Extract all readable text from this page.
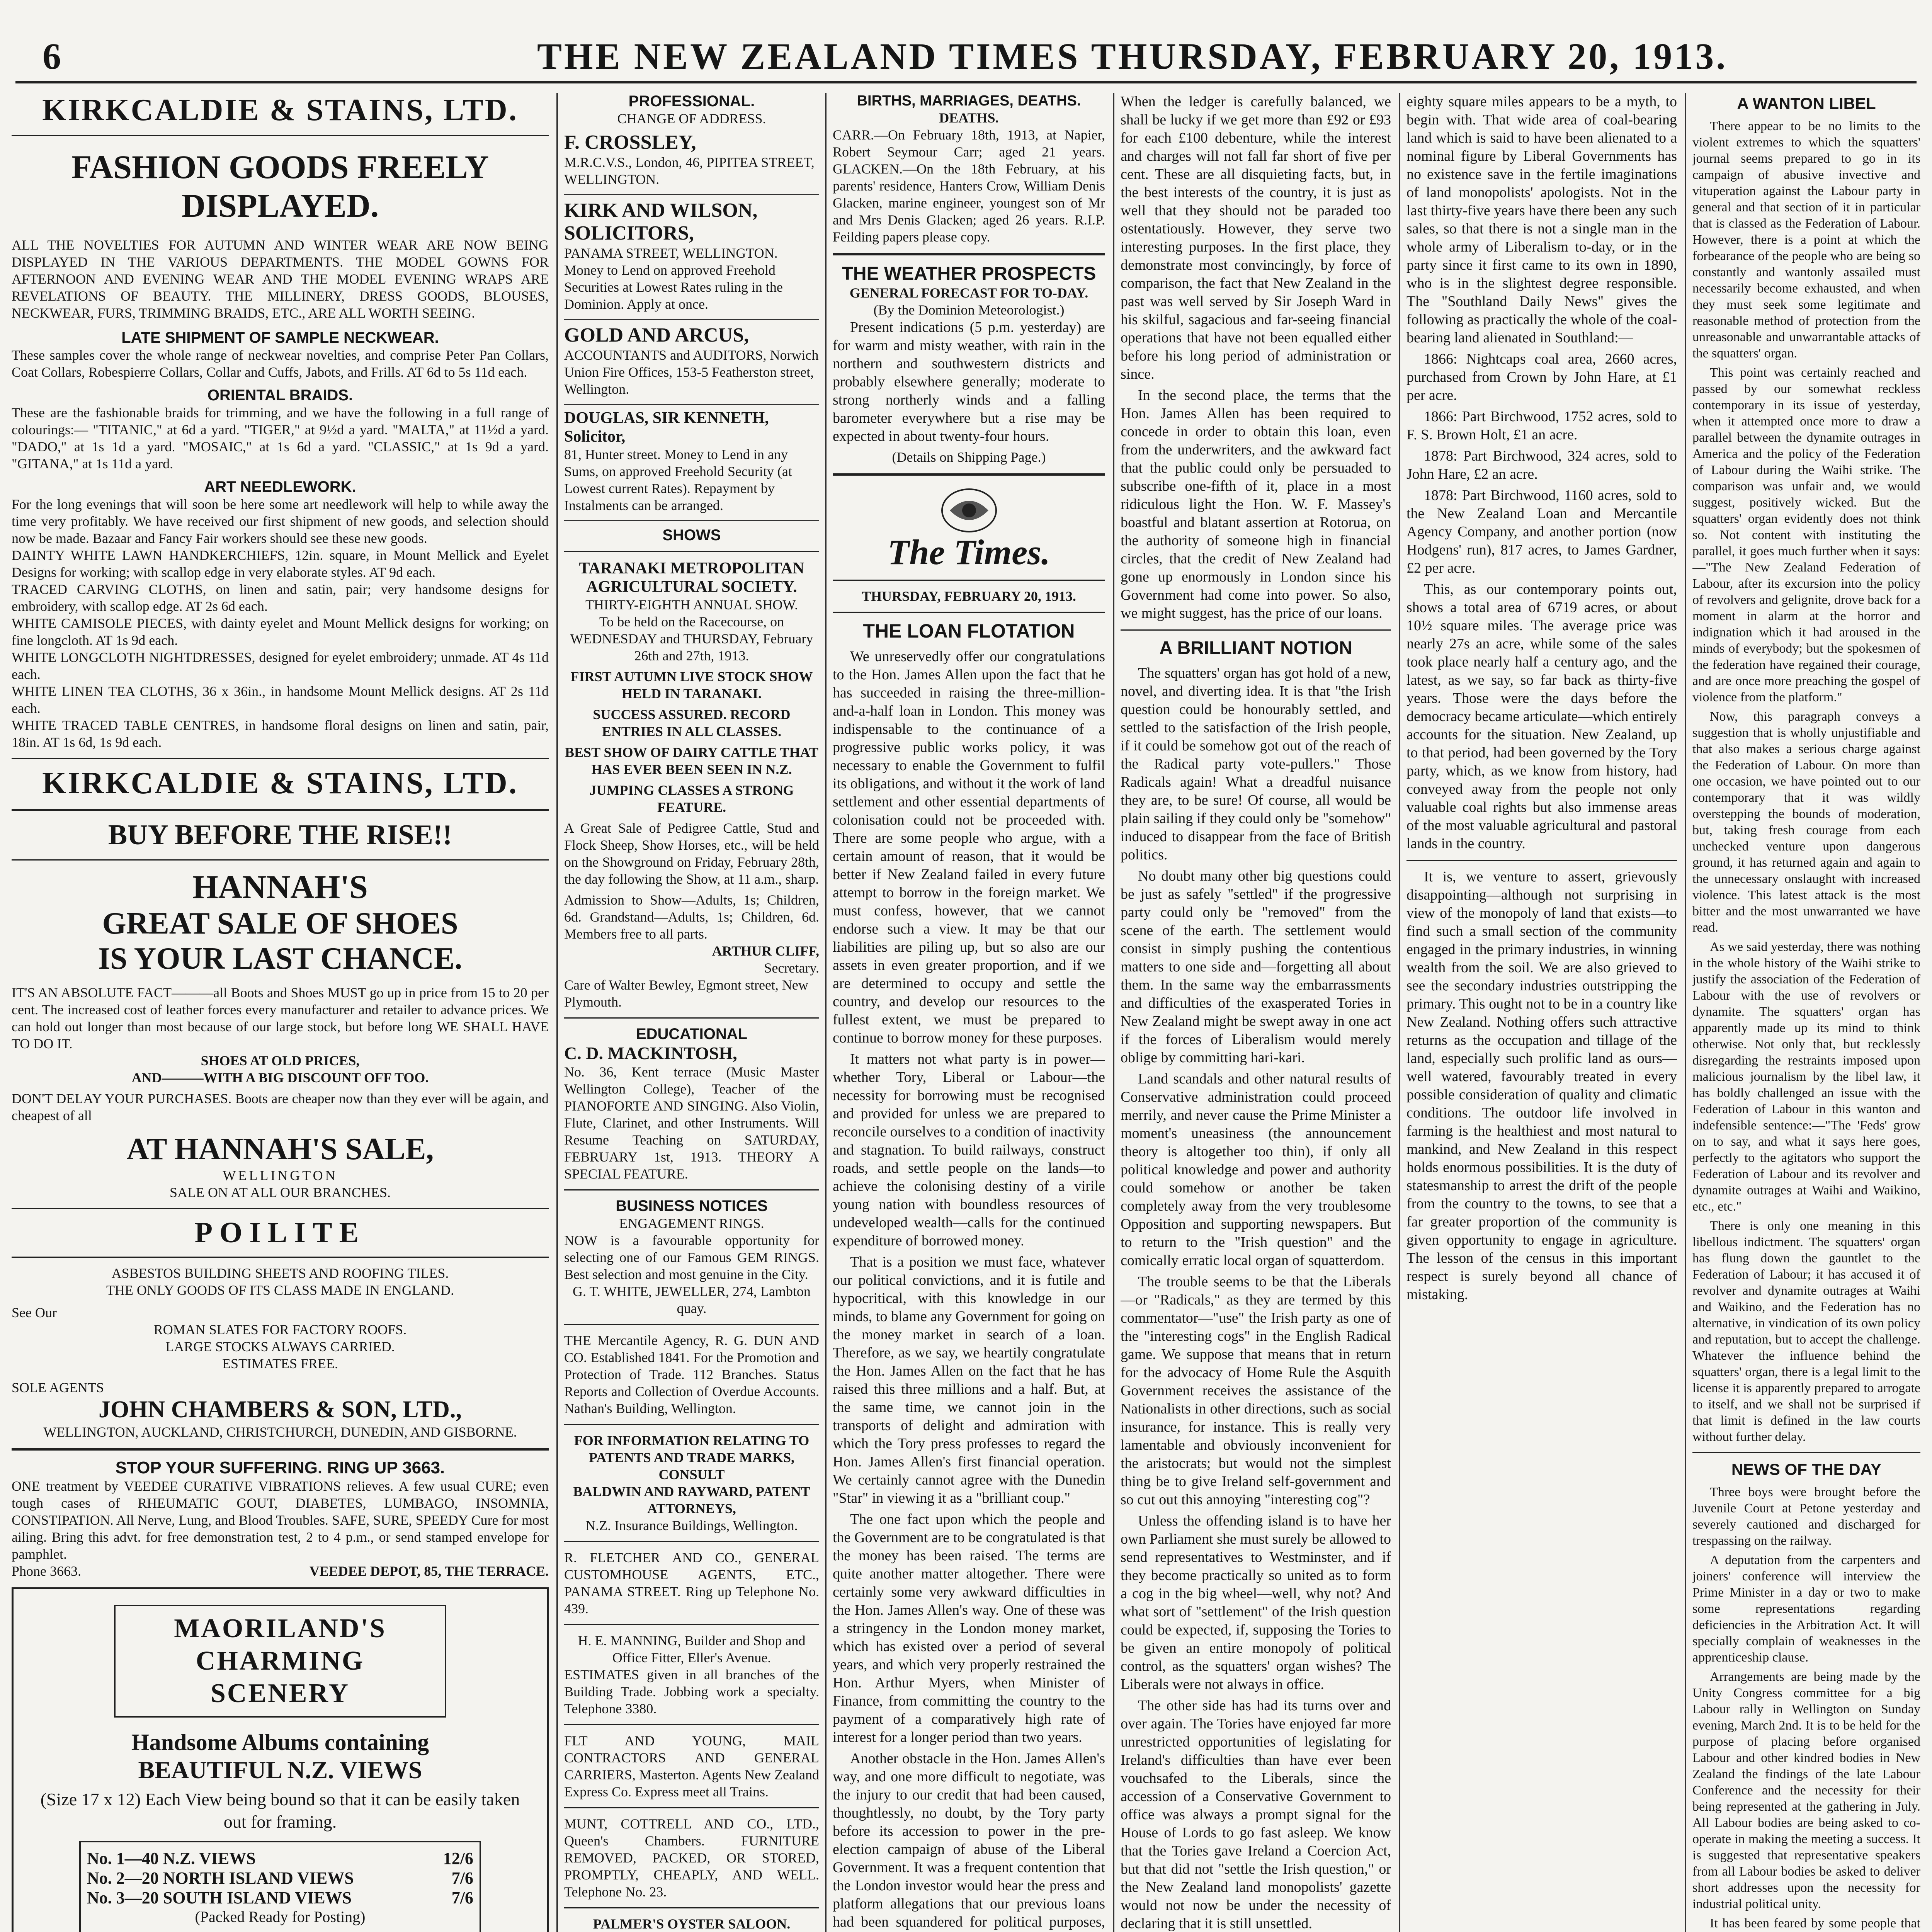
6	THE NEW ZEALAND TIMES THURSDAY, FEBRUARY 20, 1913.

KIRKCALDIE & STAINS, LTD.

FASHION GOODS FREELY DISPLAYED.

ALL THE NOVELTIES FOR AUTUMN AND WINTER WEAR ARE NOW BEING DISPLAYED IN THE VARIOUS DEPARTMENTS. THE MODEL GOWNS FOR AFTERNOON AND EVENING WEAR AND THE MODEL EVENING WRAPS ARE REVELATIONS OF BEAUTY. THE MILLINERY, DRESS GOODS, BLOUSES, NECKWEAR, FURS, TRIMMING BRAIDS, ETC., ARE ALL WORTH SEEING.

LATE SHIPMENT OF SAMPLE NECKWEAR.

These samples cover the whole range of neckwear novelties, and comprise Peter Pan Collars, Coat Collars, Robespierre Collars, Collar and Cuffs, Jabots, and Frills. AT 6d to 5s 11d each.

ORIENTAL BRAIDS.

These are the fashionable braids for trimming, and we have the following in a full range of colourings:— "TITANIC," at 6d a yard. "TIGER," at 9½d a yard. "MALTA," at 11½d a yard. "DADO," at 1s 1d a yard. "MOSAIC," at 1s 6d a yard. "CLASSIC," at 1s 9d a yard. "GITANA," at 1s 11d a yard.

ART NEEDLEWORK.

For the long evenings that will soon be here some art needlework will help to while away the time very profitably. We have received our first shipment of new goods, and selection should now be made. Bazaar and Fancy Fair workers should see these new goods.

DAINTY WHITE LAWN HANDKERCHIEFS, 12in. square, in Mount Mellick and Eyelet Designs for working; with scallop edge in very elaborate styles. AT 9d each.

TRACED CARVING CLOTHS, on linen and satin, pair; very handsome designs for embroidery, with scallop edge. AT 2s 6d each.

WHITE CAMISOLE PIECES, with dainty eyelet and Mount Mellick designs for working; on fine longcloth. AT 1s 9d each.

WHITE LONGCLOTH NIGHTDRESSES, designed for eyelet embroidery; unmade. AT 4s 11d each.

WHITE LINEN TEA CLOTHS, 36 x 36in., in handsome Mount Mellick designs. AT 2s 11d each.

WHITE TRACED TABLE CENTRES, in handsome floral designs on linen and satin, pair, 18in. AT 1s 6d, 1s 9d each.

KIRKCALDIE & STAINS, LTD.

BUY BEFORE THE RISE!!

HANNAH'S

GREAT SALE OF SHOES

IS YOUR LAST CHANCE.

IT'S AN ABSOLUTE FACT———all Boots and Shoes MUST go up in price from 15 to 20 per cent. The increased cost of leather forces every manufacturer and retailer to advance prices. We can hold out longer than most because of our large stock, but before long WE SHALL HAVE TO DO IT.

SHOES AT OLD PRICES,

AND———WITH A BIG DISCOUNT OFF TOO.

DON'T DELAY YOUR PURCHASES. Boots are cheaper now than they ever will be again, and cheapest of all

AT HANNAH'S SALE,

WELLINGTON

SALE ON AT ALL OUR BRANCHES.

POILITE

ASBESTOS BUILDING SHEETS AND ROOFING TILES.

THE ONLY GOODS OF ITS CLASS MADE IN ENGLAND.

See Our

ROMAN SLATES FOR FACTORY ROOFS.

LARGE STOCKS ALWAYS CARRIED.

ESTIMATES FREE.

SOLE AGENTS

JOHN CHAMBERS & SON, LTD.,

WELLINGTON, AUCKLAND, CHRISTCHURCH, DUNEDIN, AND GISBORNE.

STOP YOUR SUFFERING. RING UP 3663.

ONE treatment by VEEDEE CURATIVE VIBRATIONS relieves. A few usual CURE; even tough cases of RHEUMATIC GOUT, DIABETES, LUMBAGO, INSOMNIA, CONSTIPATION. All Nerve, Lung, and Blood Troubles. SAFE, SURE, SPEEDY Cure for most ailing. Bring this advt. for free demonstration test, 2 to 4 p.m., or send stamped envelope for pamphlet.

Phone 3663.	VEEDEE DEPOT, 85, THE TERRACE.

MAORILAND'S

CHARMING

SCENERY

Handsome Albums containing

BEAUTIFUL N.Z. VIEWS

(Size 17 x 12) Each View being bound so that it can be easily taken out for framing.

No. 1—40 N.Z. VIEWS	12/6
No. 2—20 NORTH ISLAND VIEWS	7/6
No. 3—20 SOUTH ISLAND VIEWS	7/6

(Packed Ready for Posting)

PROFESSIONAL.

CHANGE OF ADDRESS.

F. CROSSLEY,

M.R.C.V.S., London, 46, PIPITEA STREET, WELLINGTON.

KIRK AND WILSON, SOLICITORS,

PANAMA STREET, WELLINGTON. Money to Lend on approved Freehold Securities at Lowest Rates ruling in the Dominion. Apply at once.

GOLD AND ARCUS,

ACCOUNTANTS and AUDITORS, Norwich Union Fire Offices, 153-5 Featherston street, Wellington.

DOUGLAS, SIR KENNETH, Solicitor,

81, Hunter street. Money to Lend in any Sums, on approved Freehold Security (at Lowest current Rates). Repayment by Instalments can be arranged.

SHOWS

TARANAKI METROPOLITAN AGRICULTURAL SOCIETY.

THIRTY-EIGHTH ANNUAL SHOW.

To be held on the Racecourse, on WEDNESDAY and THURSDAY, February 26th and 27th, 1913.

FIRST AUTUMN LIVE STOCK SHOW HELD IN TARANAKI.

SUCCESS ASSURED. RECORD ENTRIES IN ALL CLASSES.

BEST SHOW OF DAIRY CATTLE THAT HAS EVER BEEN SEEN IN N.Z.

JUMPING CLASSES A STRONG FEATURE.

A Great Sale of Pedigree Cattle, Stud and Flock Sheep, Show Horses, etc., will be held on the Showground on Friday, February 28th, the day following the Show, at 11 a.m., sharp.

Admission to Show—Adults, 1s; Children, 6d. Grandstand—Adults, 1s; Children, 6d. Members free to all parts.

ARTHUR CLIFF,

Secretary.

Care of Walter Bewley, Egmont street, New Plymouth.

EDUCATIONAL

C. D. MACKINTOSH,

No. 36, Kent terrace (Music Master Wellington College), Teacher of the PIANOFORTE AND SINGING. Also Violin, Flute, Clarinet, and other Instruments. Will Resume Teaching on SATURDAY, FEBRUARY 1st, 1913. THEORY A SPECIAL FEATURE.

BUSINESS NOTICES

ENGAGEMENT RINGS.

NOW is a favourable opportunity for selecting one of our Famous GEM RINGS. Best selection and most genuine in the City.

G. T. WHITE, JEWELLER, 274, Lambton quay.

THE Mercantile Agency, R. G. DUN AND CO. Established 1841. For the Promotion and Protection of Trade. 112 Branches. Status Reports and Collection of Overdue Accounts. Nathan's Building, Wellington.

FOR INFORMATION RELATING TO PATENTS AND TRADE MARKS, CONSULT

BALDWIN AND RAYWARD, PATENT ATTORNEYS,

N.Z. Insurance Buildings, Wellington.

R. FLETCHER AND CO., GENERAL CUSTOMHOUSE AGENTS, ETC., PANAMA STREET. Ring up Telephone No. 439.

H. E. MANNING, Builder and Shop and Office Fitter, Eller's Avenue.

ESTIMATES given in all branches of the Building Trade. Jobbing work a specialty. Telephone 3380.

FLT AND YOUNG, MAIL CONTRACTORS AND GENERAL CARRIERS, Masterton. Agents New Zealand Express Co. Express meet all Trains.

MUNT, COTTRELL AND CO., LTD., Queen's Chambers. FURNITURE REMOVED, PACKED, OR STORED, PROMPTLY, CHEAPLY, AND WELL. Telephone No. 23.

PALMER'S OYSTER SALOON.

BIRTHS, MARRIAGES, DEATHS.

DEATHS.

CARR.—On February 18th, 1913, at Napier, Robert Seymour Carr; aged 21 years. GLACKEN.—On the 18th February, at his parents' residence, Hanters Crow, William Denis Glacken, marine engineer, youngest son of Mr and Mrs Denis Glacken; aged 26 years. R.I.P. Feilding papers please copy.

THE WEATHER PROSPECTS

GENERAL FORECAST FOR TO-DAY.

(By the Dominion Meteorologist.)

Present indications (5 p.m. yesterday) are for warm and misty weather, with rain in the northern and southwestern districts and probably elsewhere generally; moderate to strong northerly winds and a falling barometer everywhere but a rise may be expected in about twenty-four hours.

(Details on Shipping Page.)

The Times.

THURSDAY, FEBRUARY 20, 1913.

THE LOAN FLOTATION

We unreservedly offer our congratulations to the Hon. James Allen upon the fact that he has succeeded in raising the three-million-and-a-half loan in London. This money was indispensable to the continuance of a progressive public works policy, it was necessary to enable the Government to fulfil its obligations, and without it the work of land settlement and other essential departments of colonisation could not be proceeded with. There are some people who argue, with a certain amount of reason, that it would be better if New Zealand failed in every future attempt to borrow in the foreign market. We must confess, however, that we cannot endorse such a view. It may be that our liabilities are piling up, but so also are our assets in even greater proportion, and if we are determined to occupy and settle the country, and develop our resources to the fullest extent, we must be prepared to continue to borrow money for these purposes.

It matters not what party is in power—whether Tory, Liberal or Labour—the necessity for borrowing must be recognised and provided for unless we are prepared to reconcile ourselves to a condition of inactivity and stagnation. To build railways, construct roads, and settle people on the lands—to achieve the colonising destiny of a virile young nation with boundless resources of undeveloped wealth—calls for the continued expenditure of borrowed money.

That is a position we must face, whatever our political convictions, and it is futile and hypocritical, with this knowledge in our minds, to blame any Government for going on the money market in search of a loan. Therefore, as we say, we heartily congratulate the Hon. James Allen on the fact that he has raised this three millions and a half. But, at the same time, we cannot join in the transports of delight and admiration with which the Tory press professes to regard the Hon. James Allen's first financial operation. We certainly cannot agree with the Dunedin "Star" in viewing it as a "brilliant coup."

The one fact upon which the people and the Government are to be congratulated is that the money has been raised. The terms are quite another matter altogether. There were certainly some very awkward difficulties in the Hon. James Allen's way. One of these was a stringency in the London money market, which has existed over a period of several years, and which very properly restrained the Hon. Arthur Myers, when Minister of Finance, from committing the country to the payment of a comparatively high rate of interest for a longer period than two years.

Another obstacle in the Hon. James Allen's way, and one more difficult to negotiate, was the injury to our credit that had been caused, thoughtlessly, no doubt, by the Tory party before its accession to power in the pre-election campaign of abuse of the Liberal Government. It was a frequent contention that the London investor would hear the press and platform allegations that our previous loans had been squandered for political purposes,

When the ledger is carefully balanced, we shall be lucky if we get more than £92 or £93 for each £100 debenture, while the interest and charges will not fall far short of five per cent. These are all disquieting facts, but, in the best interests of the country, it is just as well that they should not be paraded too ostentatiously. However, they serve two interesting purposes. In the first place, they demonstrate most convincingly, by force of comparison, the fact that New Zealand in the past was well served by Sir Joseph Ward in his skilful, sagacious and far-seeing financial operations that have not been equalled either before his long period of administration or since.

In the second place, the terms that the Hon. James Allen has been required to concede in order to obtain this loan, even from the underwriters, and the awkward fact that the public could only be persuaded to subscribe one-fifth of it, place in a most ridiculous light the Hon. W. F. Massey's boastful and blatant assertion at Rotorua, on the authority of someone high in financial circles, that the credit of New Zealand had gone up enormously in London since his Government had come into power. So also, we might suggest, has the price of our loans.

A BRILLIANT NOTION

The squatters' organ has got hold of a new, novel, and diverting idea. It is that "the Irish question could be honourably settled, and settled to the satisfaction of the Irish people, if it could be somehow got out of the reach of the Radical party vote-pullers." Those Radicals again! What a dreadful nuisance they are, to be sure! Of course, all would be plain sailing if they could only be "somehow" induced to disappear from the face of British politics.

No doubt many other big questions could be just as safely "settled" if the progressive party could only be "removed" from the scene of the earth. The settlement would consist in simply pushing the contentious matters to one side and—forgetting all about them. In the same way the embarrassments and difficulties of the exasperated Tories in New Zealand might be swept away in one act if the forces of Liberalism would merely oblige by committing hari-kari.

Land scandals and other natural results of Conservative administration could proceed merrily, and never cause the Prime Minister a moment's uneasiness (the announcement theory is altogether too thin), if only all political knowledge and power and authority could somehow or another be taken completely away from the very troublesome Opposition and supporting newspapers. But to return to the "Irish question" and the comically erratic local organ of squatterdom.

The trouble seems to be that the Liberals—or "Radicals," as they are termed by this commentator—"use" the Irish party as one of the "interesting cogs" in the English Radical game. We suppose that means that in return for the advocacy of Home Rule the Asquith Government receives the assistance of the Nationalists in other directions, such as social insurance, for instance. This is really very lamentable and obviously inconvenient for the aristocrats; but would not the simplest thing be to give Ireland self-government and so cut out this annoying "interesting cog"?

Unless the offending island is to have her own Parliament she must surely be allowed to send representatives to Westminster, and if they become practically so united as to form a cog in the big wheel—well, why not? And what sort of "settlement" of the Irish question could be expected, if, supposing the Tories to be given an entire monopoly of political control, as the squatters' organ wishes? The Liberals were not always in office.

The other side has had its turns over and over again. The Tories have enjoyed far more unrestricted opportunities of legislating for Ireland's difficulties than have ever been vouchsafed to the Liberals, since the accession of a Conservative Government to office was always a prompt signal for the House of Lords to go fast asleep. We know that the Tories gave Ireland a Coercion Act, but that did not "settle the Irish question," or the New Zealand land monopolists' gazette would not now be under the necessity of declaring that it is still unsettled.

eighty square miles appears to be a myth, to begin with. That wide area of coal-bearing land which is said to have been alienated to a nominal figure by Liberal Governments has no existence save in the fertile imaginations of land monopolists' apologists. Not in the last thirty-five years have there been any such sales, so that there is not a single man in the whole army of Liberalism to-day, or in the party since it first came to its own in 1890, who is in the slightest degree responsible. The "Southland Daily News" gives the following as practically the whole of the coal-bearing land alienated in Southland:—

1866: Nightcaps coal area, 2660 acres, purchased from Crown by John Hare, at £1 per acre.

1866: Part Birchwood, 1752 acres, sold to F. S. Brown Holt, £1 an acre.

1878: Part Birchwood, 324 acres, sold to John Hare, £2 an acre.

1878: Part Birchwood, 1160 acres, sold to the New Zealand Loan and Mercantile Agency Company, and another portion (now Hodgens' run), 817 acres, to James Gardner, £2 per acre.

This, as our contemporary points out, shows a total area of 6719 acres, or about 10½ square miles. The average price was nearly 27s an acre, while some of the sales took place nearly half a century ago, and the latest, as we say, so far back as thirty-five years. Those were the days before the democracy became articulate—which entirely accounts for the situation. New Zealand, up to that period, had been governed by the Tory party, which, as we know from history, had conveyed away from the people not only valuable coal rights but also immense areas of the most valuable agricultural and pastoral lands in the country.

It is, we venture to assert, grievously disappointing—although not surprising in view of the monopoly of land that exists—to find such a small section of the community engaged in the primary industries, in winning wealth from the soil. We are also grieved to see the secondary industries outstripping the primary. This ought not to be in a country like New Zealand. Nothing offers such attractive returns as the occupation and tillage of the land, especially such prolific land as ours—well watered, favourably treated in every possible consideration of quality and climatic conditions. The outdoor life involved in farming is the healthiest and most natural to mankind, and New Zealand in this respect holds enormous possibilities. It is the duty of statesmanship to arrest the drift of the people from the country to the towns, to see that a far greater proportion of the community is given opportunity to engage in agriculture. The lesson of the census in this important respect is surely beyond all chance of mistaking.

A WANTON LIBEL

There appear to be no limits to the violent extremes to which the squatters' journal seems prepared to go in its campaign of abusive invective and vituperation against the Labour party in general and that section of it in particular that is classed as the Federation of Labour. However, there is a point at which the forbearance of the people who are being so constantly and wantonly assailed must necessarily become exhausted, and when they must seek some legitimate and reasonable method of protection from the unreasonable and unwarrantable attacks of the squatters' organ.

This point was certainly reached and passed by our somewhat reckless contemporary in its issue of yesterday, when it attempted once more to draw a parallel between the dynamite outrages in America and the policy of the Federation of Labour during the Waihi strike. The comparison was unfair and, we would suggest, positively wicked. But the squatters' organ evidently does not think so. Not content with instituting the parallel, it goes much further when it says:—"The New Zealand Federation of Labour, after its excursion into the policy of revolvers and gelignite, drove back for a moment in alarm at the horror and indignation which it had aroused in the minds of everybody; but the spokesmen of the federation have regained their courage, and are once more preaching the gospel of violence from the platform."

Now, this paragraph conveys a suggestion that is wholly unjustifiable and that also makes a serious charge against the Federation of Labour. On more than one occasion, we have pointed out to our contemporary that it was wildly overstepping the bounds of moderation, but, taking fresh courage from each unchecked venture upon dangerous ground, it has returned again and again to the unnecessary onslaught with increased violence. This latest attack is the most bitter and the most unwarranted we have read.

As we said yesterday, there was nothing in the whole history of the Waihi strike to justify the association of the Federation of Labour with the use of revolvers or dynamite. The squatters' organ has apparently made up its mind to think otherwise. Not only that, but recklessly disregarding the restraints imposed upon malicious journalism by the libel law, it has boldly challenged an issue with the Federation of Labour in this wanton and indefensible sentence:—"The 'Feds' grow on to say, and what it says here goes, perfectly to the agitators who support the Federation of Labour and its revolver and dynamite outrages at Waihi and Waikino, etc., etc."

There is only one meaning in this libellous indictment. The squatters' organ has flung down the gauntlet to the Federation of Labour; it has accused it of revolver and dynamite outrages at Waihi and Waikino, and the Federation has no alternative, in vindication of its own policy and reputation, but to accept the challenge. Whatever the influence behind the squatters' organ, there is a legal limit to the license it is apparently prepared to arrogate to itself, and we shall not be surprised if that limit is defined in the law courts without further delay.

NEWS OF THE DAY

Three boys were brought before the Juvenile Court at Petone yesterday and severely cautioned and discharged for trespassing on the railway.

A deputation from the carpenters and joiners' conference will interview the Prime Minister in a day or two to make some representations regarding deficiencies in the Arbitration Act. It will specially complain of weaknesses in the apprenticeship clause.

Arrangements are being made by the Unity Congress committee for a big Labour rally in Wellington on Sunday evening, March 2nd. It is to be held for the purpose of placing before organised Labour and other kindred bodies in New Zealand the findings of the late Labour Conference and the necessity for their being represented at the gathering in July. All Labour bodies are being asked to co-operate in making the meeting a success. It is suggested that representative speakers from all Labour bodies be asked to deliver short addresses upon the necessity for industrial political unity.

It has been feared by some people that
